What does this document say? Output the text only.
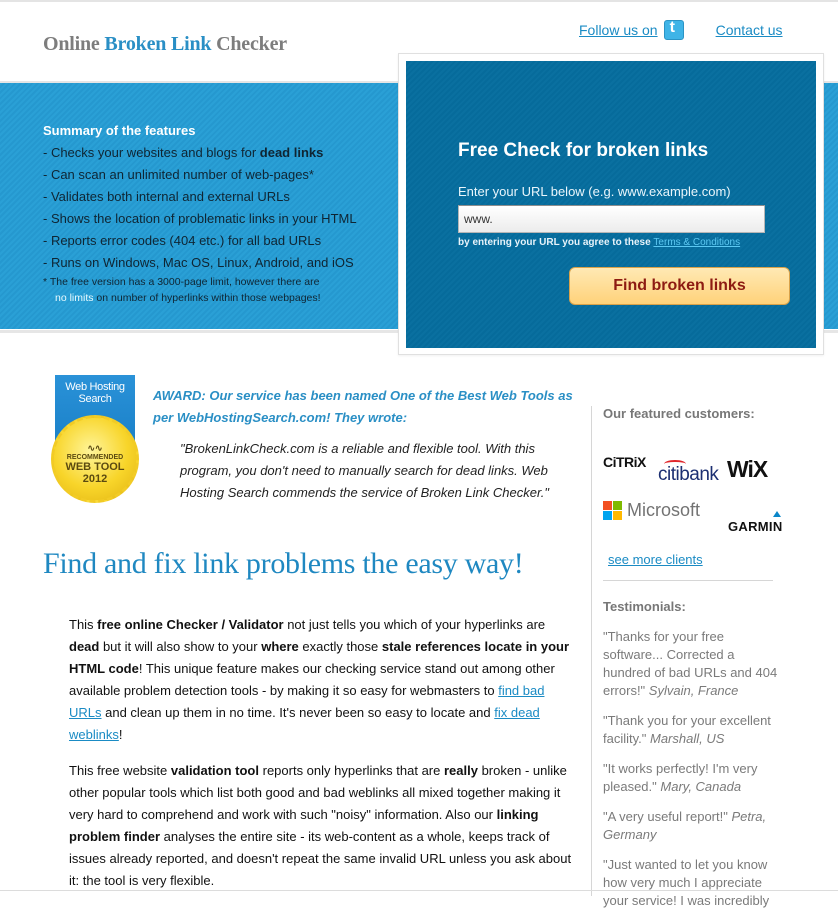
Online Broken Link Checker
Follow us on t	Contact us
Summary of the features
- Checks your websites and blogs for dead links
- Can scan an unlimited number of web-pages*
- Validates both internal and external URLs
- Shows the location of problematic links in your HTML
- Reports error codes (404 etc.) for all bad URLs
- Runs on Windows, Mac OS, Linux, Android, and iOS
* The free version has a 3000-page limit, however there are
no limits on number of hyperlinks within those webpages!
Free Check for broken links
Enter your URL below (e.g. www.example.com)
www.
by entering your URL you agree to these Terms & Conditions
Find broken links
Web Hosting Search
∿∿
RECOMMENDED
WEB TOOL
2012
AWARD: Our service has been named One of the Best Web Tools as per WebHostingSearch.com! They wrote:
"BrokenLinkCheck.com is a reliable and flexible tool. With this program, you don't need to manually search for dead links. Web Hosting Search commends the service of Broken Link Checker."
Find and fix link problems the easy way!

This free online Checker / Validator not just tells you which of your hyperlinks are dead but it will also show to your where exactly those stale references locate in your HTML code! This unique feature makes our checking service stand out among other available problem detection tools - by making it so easy for webmasters to find bad URLs and clean up them in no time. It's never been so easy to locate and fix dead weblinks!

This free website validation tool reports only hyperlinks that are really broken - unlike other popular tools which list both good and bad weblinks all mixed together making it very hard to comprehend and work with such "noisy" information. Also our linking problem finder analyses the entire site - its web-content as a whole, keeps track of issues already reported, and doesn't repeat the same invalid URL unless you ask about it: the tool is very flexible.

Our featured customers:
CiTRiX
citibank WiX
Microsoft
GARMIN
see more clients
Testimonials:
"Thanks for your free software... Corrected a hundred of bad URLs and 404 errors!" Sylvain, France
"Thank you for your excellent facility." Marshall, US
"It works perfectly! I'm very pleased." Mary, Canada
"A very useful report!" Petra, Germany
"Just wanted to let you know how very much I appreciate your service! I was incredibly
